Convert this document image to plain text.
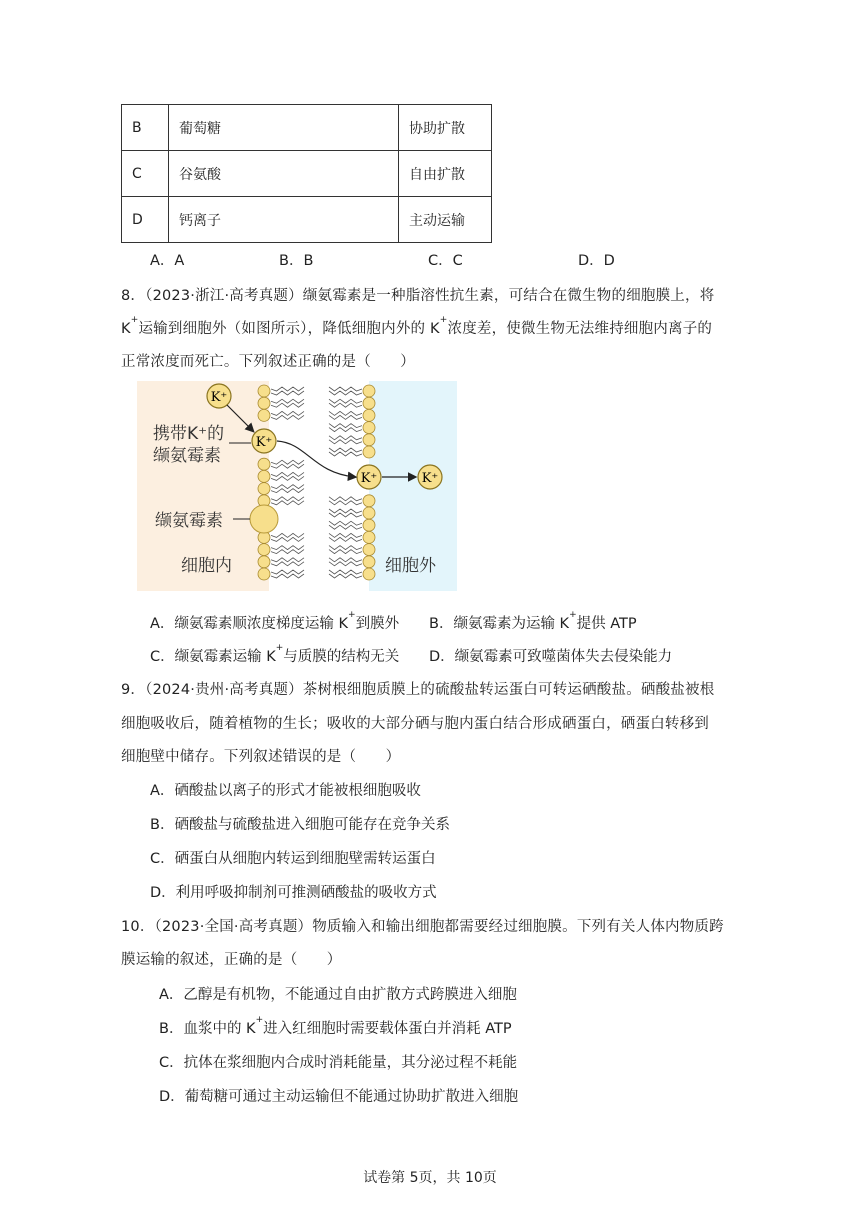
B	葡萄糖	协助扩散
C	谷氨酸	自由扩散
D	钙离子	主动运输
A．A	B．B	C．C	D．D
8．（2023·浙江·高考真题）缬氨霉素是一种脂溶性抗生素，可结合在微生物的细胞膜上，将
K+运输到细胞外（如图所示），降低细胞内外的 K+浓度差，使微生物无法维持细胞内离子的
正常浓度而死亡。下列叙述正确的是（　　）
K⁺
K⁺
K⁺	K⁺
携带K⁺的
缬氨霉素
缬氨霉素
细胞内	细胞外
A．缬氨霉素顺浓度梯度运输 K+到膜外 B．缬氨霉素为运输 K+提供 ATP
C．缬氨霉素运输 K+与质膜的结构无关 D．缬氨霉素可致噬菌体失去侵染能力
9．（2024·贵州·高考真题）茶树根细胞质膜上的硫酸盐转运蛋白可转运硒酸盐。硒酸盐被根
细胞吸收后，随着植物的生长；吸收的大部分硒与胞内蛋白结合形成硒蛋白，硒蛋白转移到
细胞壁中储存。下列叙述错误的是（　　）
A．硒酸盐以离子的形式才能被根细胞吸收
B．硒酸盐与硫酸盐进入细胞可能存在竞争关系
C．硒蛋白从细胞内转运到细胞壁需转运蛋白
D．利用呼吸抑制剂可推测硒酸盐的吸收方式
10．（2023·全国·高考真题）物质输入和输出细胞都需要经过细胞膜。下列有关人体内物质跨
膜运输的叙述，正确的是（　　）
A．乙醇是有机物，不能通过自由扩散方式跨膜进入细胞
B．血浆中的 K+进入红细胞时需要载体蛋白并消耗 ATP
C．抗体在浆细胞内合成时消耗能量，其分泌过程不耗能
D．葡萄糖可通过主动运输但不能通过协助扩散进入细胞
试卷第 5页，共 10页
